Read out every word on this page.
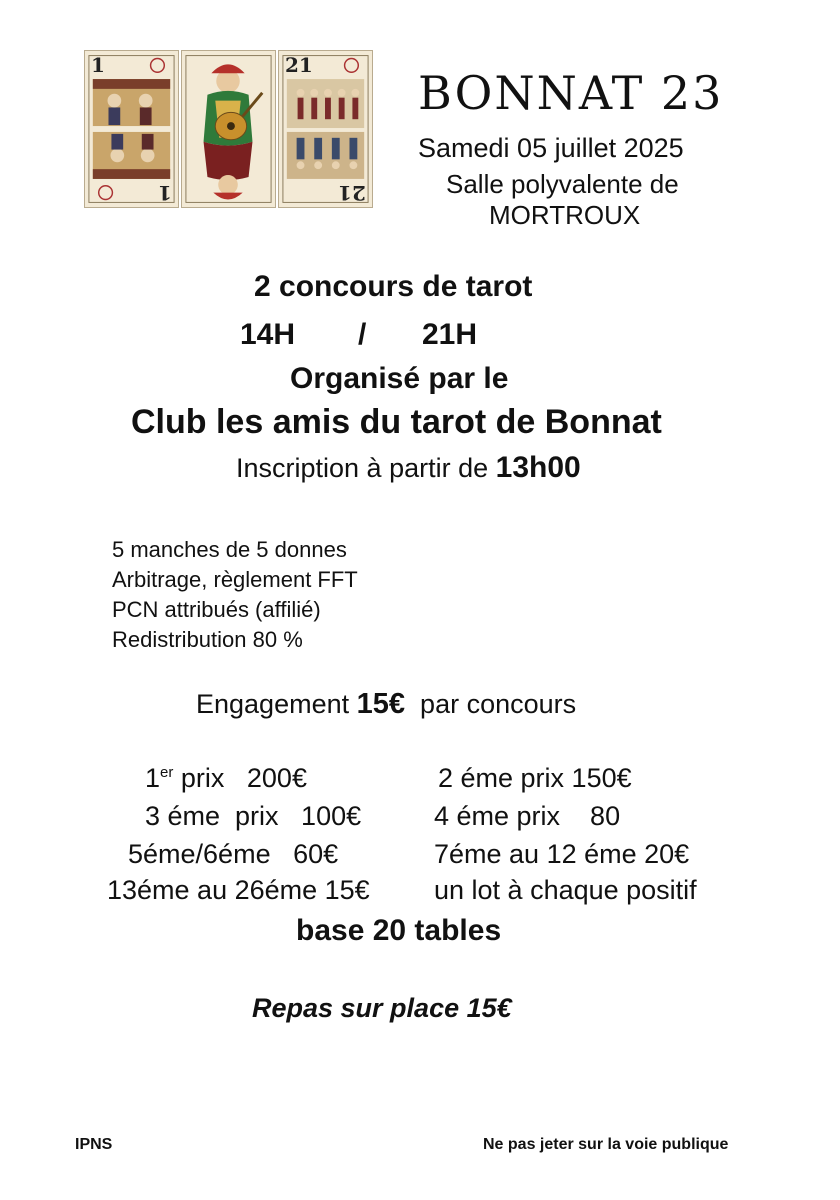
1
1
21
21
BONNAT 23
Samedi 05 juillet 2025
Salle polyvalente de
MORTROUX
2 concours de tarot
14H / 21H
Organisé par le
Club les amis du tarot de Bonnat
Inscription à partir de 13h00
5 manches de 5 donnes
Arbitrage, règlement FFT
PCN attribués (affilié)
Redistribution 80 %
Engagement 15€ par concours
1er prix   200€	2 éme prix 150€
3 éme  prix   100€	4 éme prix    80
5éme/6éme   60€	7éme au 12 éme 20€
13éme au 26éme 15€ un lot à chaque positif
base 20 tables
Repas sur place 15€
IPNS	Ne pas jeter sur la voie publique
